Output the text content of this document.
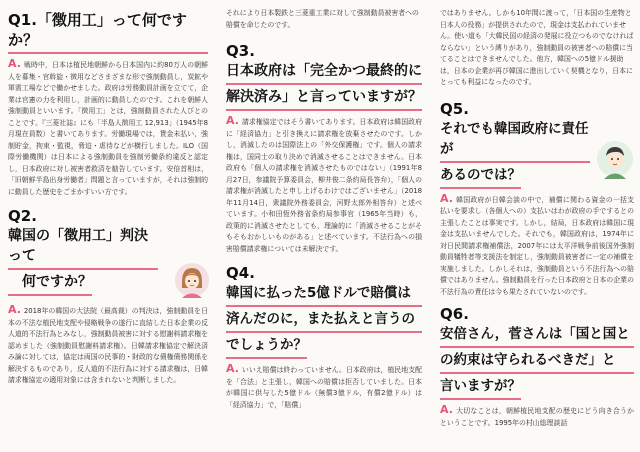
Q1.「徴用工」って何ですか？

A. 戦時中，日本は植民地朝鮮から日本国内に約80万人の朝鮮人を募集・官斡旋・徴用などさまざまな形で強制動員し，炭鉱や軍需工場などで働かせました。政府は労務動員計画を立てて，企業は官憲の力を利用し，計画的に動員したのです。これを朝鮮人強制動員といいます。「徴用工」とは，強制動員された人びとのことです。『三菱社誌』にも「半島人徴用工 12,913」（1945年8月現在員数）と書いてあります。労働現場では，賃金未払い，強制貯金，拘束・監視，脅迫・虐待などが横行しました。ILO（国際労働機関）は日本による強制動員を強制労働条約違反と認定し，日本政府に対し被害者救済を勧告しています。安倍首相は，「旧朝鮮半島出身労働者」問題と言っていますが，それは強制的に動員した歴史をごまかすいい方です。

Q2.
韓国の「徴用工」判決って
何ですか？

A. 2018年の韓国の大法院（最高裁）の判決は，強制動員を日本の不法な植民地支配や侵略戦争の遂行に直結した日本企業の反人道的不法行為とみなし，強制動員被害に対する慰謝料請求権を認めました（強制動員慰謝料請求権）。日韓請求権協定で解決済み論に対しては，協定は両国の民事的・財政的な債権債務関係を解決するものであり，反人道的不法行為に対する請求権は，日韓請求権協定の適用対象には含まれないと判断しました。

それにより日本製鉄と三菱重工業に対して強制動員被害者への賠償を命じたのです。

Q3.
日本政府は「完全かつ最終的に
解決済み」と言っていますが？

A. 請求権協定ではそう書いてあります。日本政府は韓国政府に「経済協力」と引き換えに請求権を放棄させたのです。しかし，消滅したのは国際法上の「外交保護権」です。個人の請求権は，国同士の取り決めで消滅させることはできません。日本政府も「個人の請求権を消滅させたものではない」（1991年8月27日，参議院予算委員会，柳井俊二条約局長答弁），「個人の請求権が消滅したと申し上げるわけではございません」（2018年11月14日，衆議院外務委員会，河野太郎外相答弁）と述べています。小和田恆外務省条約局参事官（1965年当時）も，政策的に消滅させたとしても，理論的に「消滅させることがそもそもおかしいものがある」と述べています。不法行為への損害賠償請求権については未解決です。

Q4.
韓国に払った5億ドルで賠償は
済んだのに，また払えと言うの
でしょうか？

A. いいえ賠償は終わっていません。日本政府は，植民地支配を「合法」と主張し，韓国への賠償は拒否していました。日本が韓国に供与した5億ドル（無償3億ドル，有償2億ドル）は「経済協力」で，「賠償」

ではありません。しかも10年間に渡って，「日本国の生産物と日本人の役務」が提供されたので，現金は支払われていません。使い道も「大韓民国の経済の発展に役立つものでなければならない」という縛りがあり，強制動員の被害者への賠償に当てることはできませんでした。他方，韓国への5億ドル援助は，日本の企業が再び韓国に進出していく契機となり，日本にとっても利益になったのです。

Q5.
それでも韓国政府に責任が
あるのでは？

A. 韓国政府が日韓会談の中で，補償に関わる資金の一括支払いを要求し（各個人への）支払いはわが政府の手でするとの主張したことは事実です。しかし，結局，日本政府は韓国に現金は支払いませんでした。それでも，韓国政府は，1974年に対日民間請求権補償法，2007年には太平洋戦争前後国外強制動員犠牲者等支援法を制定し，強制動員被害者に一定の補償を実施しました。しかしそれは，強制動員という不法行為への賠償ではありません。強制動員を行った日本政府と日本の企業の不法行為の責任は今も果たされていないのです。

Q6.
安倍さん，菅さんは「国と国と
の約束は守られるべきだ」と
言いますが？

A. 大切なことは，朝鮮植民地支配の歴史にどう向き合うかということです。1995年の村山総理談話
